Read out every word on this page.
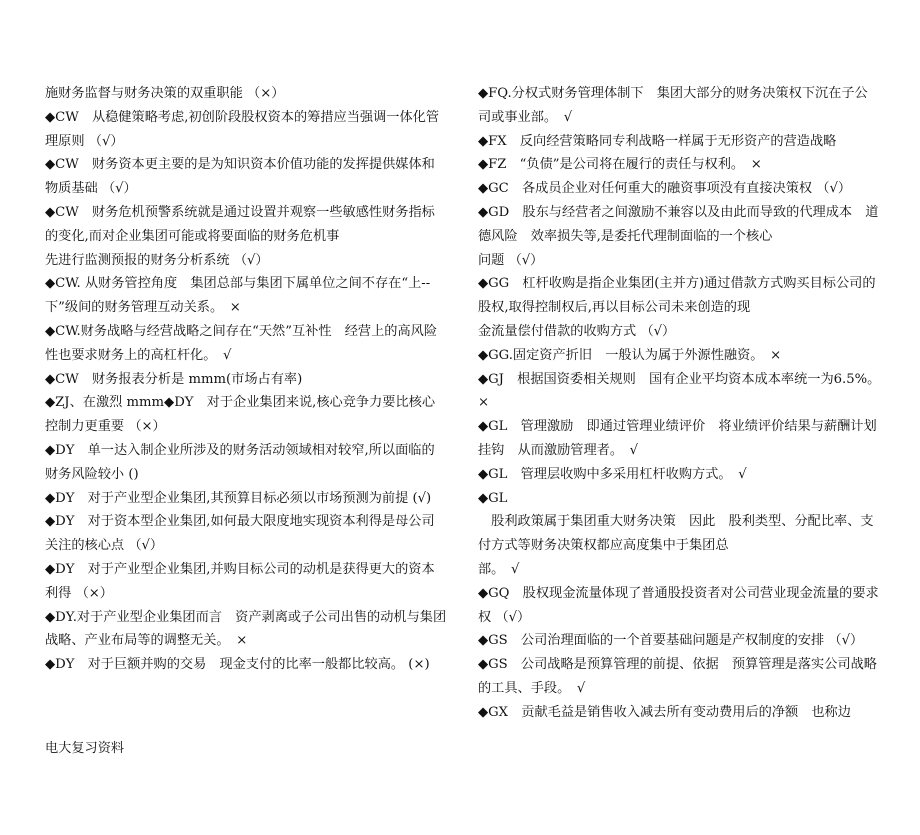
施财务监督与财务决策的双重职能 （×）

◆CW　从稳健策略考虑,初创阶段股权资本的筹措应当强调一体化管理原则 （√）

◆CW　财务资本更主要的是为知识资本价值功能的发挥提供媒体和物质基础 （√）

◆CW　财务危机预警系统就是通过设置并观察一些敏感性财务指标的变化,而对企业集团可能或将要面临的财务危机事
先进行监测预报的财务分析系统 （√）

◆CW. 从财务管控角度　集团总部与集团下属单位之间不存在“上--下”级间的财务管理互动关系。　×

◆CW.财务战略与经营战略之间存在“天然”互补性　经营上的高风险性也要求财务上的高杠杆化。　√

◆CW　财务报表分析是 mmm(市场占有率)

◆ZJ、在激烈 mmm◆DY　对于企业集团来说,核心竞争力要比核心控制力更重要 （×）

◆DY　单一达入制企业所涉及的财务活动领域相对较窄,所以面临的财务风险较小 ()

◆DY　对于产业型企业集团,其预算目标必须以市场预测为前提 (√)

◆DY　对于资本型企业集团,如何最大限度地实现资本利得是母公司关注的核心点 （√）

◆DY　对于产业型企业集团,并购目标公司的动机是获得更大的资本利得 （×）

◆DY.对于产业型企业集团而言　资产剥离或子公司出售的动机与集团战略、产业布局等的调整无关。　×

◆DY　对于巨额并购的交易　现金支付的比率一般都比较高。 (×)

◆FQ.分权式财务管理体制下　集团大部分的财务决策权下沉在子公司或事业部。　√

◆FX　反向经营策略同专利战略一样属于无形资产的营造战略

◆FZ　“负债”是公司将在履行的责任与权利。　×

◆GC　各成员企业对任何重大的融资事项没有直接决策权 （√）

◆GD　股东与经营者之间激励不兼容以及由此而导致的代理成本　道德风险　效率损失等,是委托代理制面临的一个核心
问题 （√）

◆GG　杠杆收购是指企业集团(主并方)通过借款方式购买目标公司的股权,取得控制权后,再以目标公司未来创造的现
金流量偿付借款的收购方式 （√）

◆GG.固定资产折旧　一般认为属于外源性融资。　×

◆GJ　根据国资委相关规则　国有企业平均资本成本率统一为6.5%。　×

◆GL　管理激励　即通过管理业绩评价　将业绩评价结果与薪酬计划挂钩　从而激励管理者。　√

◆GL　管理层收购中多采用杠杆收购方式。　√

◆GL
　股利政策属于集团重大财务决策　因此　股利类型、分配比率、支付方式等财务决策权都应高度集中于集团总
部。　√

◆GQ　股权现金流量体现了普通股投资者对公司营业现金流量的要求权 （√）

◆GS　公司治理面临的一个首要基础问题是产权制度的安排 （√）

◆GS　公司战略是预算管理的前提、依据　预算管理是落实公司战略的工具、手段。　√

◆GX　贡献毛益是销售收入减去所有变动费用后的净额　也称边

电大复习资料
